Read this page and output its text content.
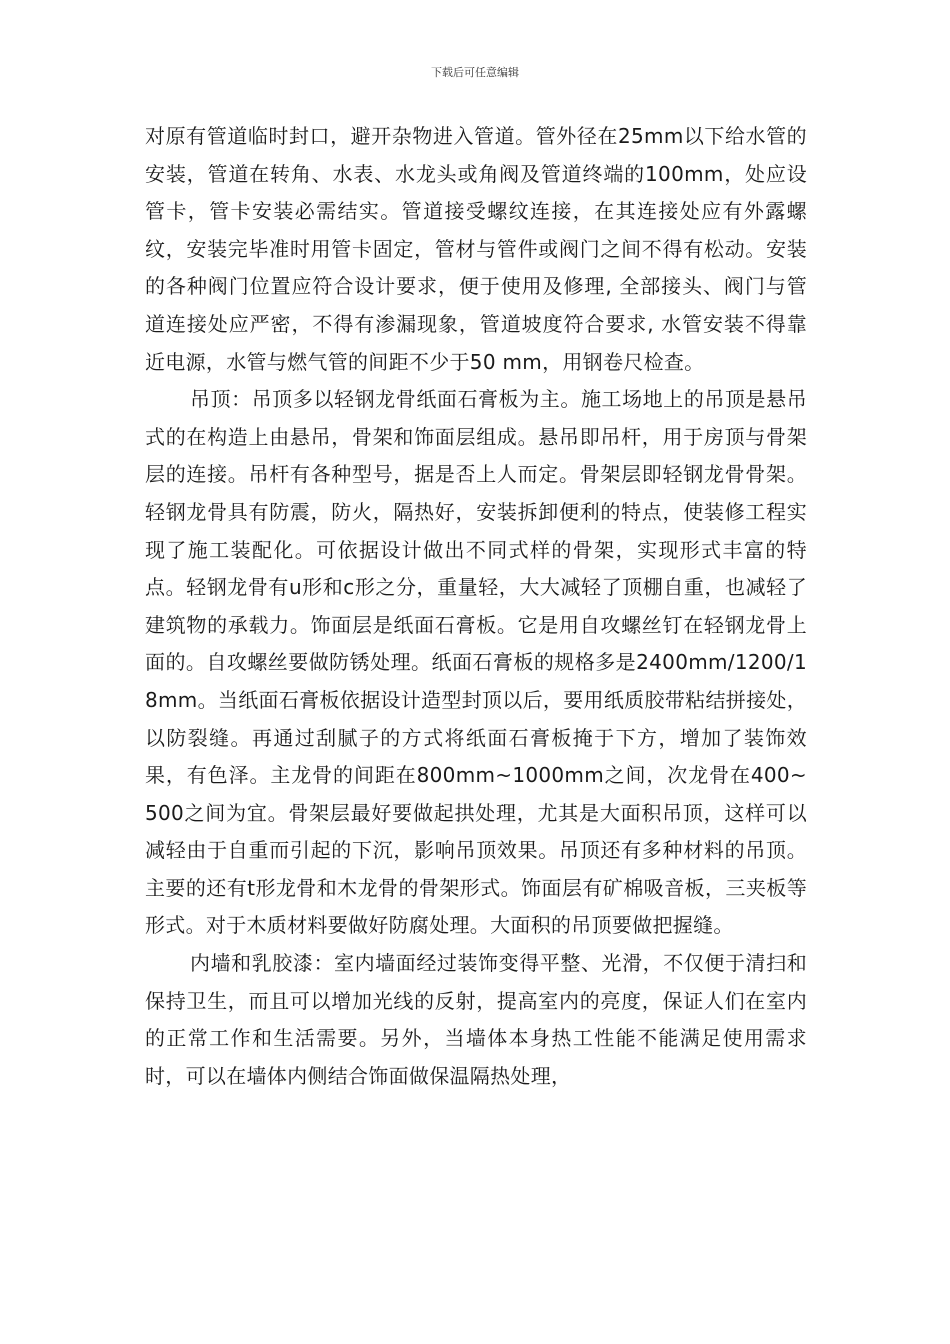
下载后可任意编辑

对原有管道临时封口，避开杂物进入管道。管外径在25mm以下给水管的安装，管道在转角、水表、水龙头或角阀及管道终端的100mm，处应设管卡，管卡安装必需结实。管道接受螺纹连接，在其连接处应有外露螺纹，安装完毕准时用管卡固定，管材与管件或阀门之间不得有松动。安装的各种阀门位置应符合设计要求，便于使用及修理, 全部接头、阀门与管道连接处应严密，不得有渗漏现象，管道坡度符合要求, 水管安装不得靠近电源，水管与燃气管的间距不少于50 mm，用钢卷尺检查。

吊顶：吊顶多以轻钢龙骨纸面石膏板为主。施工场地上的吊顶是悬吊式的在构造上由悬吊，骨架和饰面层组成。悬吊即吊杆，用于房顶与骨架层的连接。吊杆有各种型号，据是否上人而定。骨架层即轻钢龙骨骨架。轻钢龙骨具有防震，防火，隔热好，安装拆卸便利的特点，使装修工程实现了施工装配化。可依据设计做出不同式样的骨架，实现形式丰富的特点。轻钢龙骨有u形和c形之分，重量轻，大大减轻了顶棚自重，也减轻了建筑物的承载力。饰面层是纸面石膏板。它是用自攻螺丝钉在轻钢龙骨上面的。自攻螺丝要做防锈处理。纸面石膏板的规格多是2400mm/1200/18mm。当纸面石膏板依据设计造型封顶以后，要用纸质胶带粘结拼接处，以防裂缝。再通过刮腻子的方式将纸面石膏板掩于下方，增加了装饰效果，有色泽。主龙骨的间距在800mm~1000mm之间，次龙骨在400~500之间为宜。骨架层最好要做起拱处理，尤其是大面积吊顶，这样可以减轻由于自重而引起的下沉，影响吊顶效果。吊顶还有多种材料的吊顶。主要的还有t形龙骨和木龙骨的骨架形式。饰面层有矿棉吸音板，三夹板等形式。对于木质材料要做好防腐处理。大面积的吊顶要做把握缝。

内墙和乳胶漆：室内墙面经过装饰变得平整、光滑，不仅便于清扫和保持卫生，而且可以增加光线的反射，提高室内的亮度，保证人们在室内的正常工作和生活需要。另外，当墙体本身热工性能不能满足使用需求时，可以在墙体内侧结合饰面做保温隔热处理，
